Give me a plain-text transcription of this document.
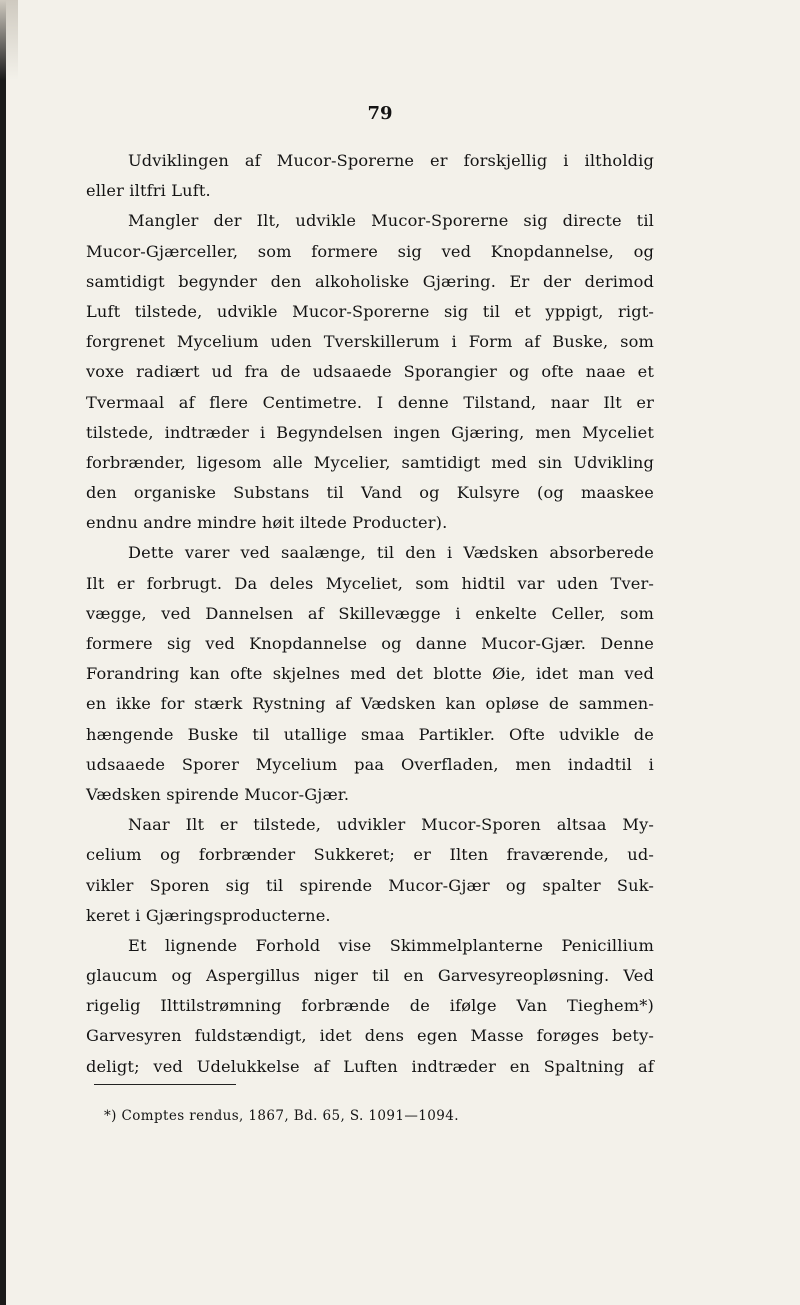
79
Udviklingen af Mucor-Sporerne er forskjellig i iltholdig
eller iltfri Luft.
Mangler der Ilt, udvikle Mucor-Sporerne sig directe til
Mucor-Gjærceller, som formere sig ved Knopdannelse, og
samtidigt begynder den alkoholiske Gjæring. Er der derimod
Luft tilstede, udvikle Mucor-Sporerne sig til et yppigt, rigt-
forgrenet Mycelium uden Tverskillerum i Form af Buske, som
voxe radiært ud fra de udsaaede Sporangier og ofte naae et
Tvermaal af flere Centimetre. I denne Tilstand, naar Ilt er
tilstede, indtræder i Begyndelsen ingen Gjæring, men Myceliet
forbrænder, ligesom alle Mycelier, samtidigt med sin Udvikling
den organiske Substans til Vand og Kulsyre (og maaskee
endnu andre mindre høit iltede Producter).
Dette varer ved saalænge, til den i Vædsken absorberede
Ilt er forbrugt. Da deles Myceliet, som hidtil var uden Tver-
vægge, ved Dannelsen af Skillevægge i enkelte Celler, som
formere sig ved Knopdannelse og danne Mucor-Gjær. Denne
Forandring kan ofte skjelnes med det blotte Øie, idet man ved
en ikke for stærk Rystning af Vædsken kan opløse de sammen-
hængende Buske til utallige smaa Partikler. Ofte udvikle de
udsaaede Sporer Mycelium paa Overfladen, men indadtil i
Vædsken spirende Mucor-Gjær.
Naar Ilt er tilstede, udvikler Mucor-Sporen altsaa My-
celium og forbrænder Sukkeret; er Ilten fraværende, ud-
vikler Sporen sig til spirende Mucor-Gjær og spalter Suk-
keret i Gjæringsproducterne.
Et lignende Forhold vise Skimmelplanterne Penicillium
glaucum og Aspergillus niger til en Garvesyreopløsning. Ved
rigelig Ilttilstrømning forbrænde de ifølge Van Tieghem*)
Garvesyren fuldstændigt, idet dens egen Masse forøges bety-
deligt; ved Udelukkelse af Luften indtræder en Spaltning af
*) Comptes rendus, 1867, Bd. 65, S. 1091—1094.
